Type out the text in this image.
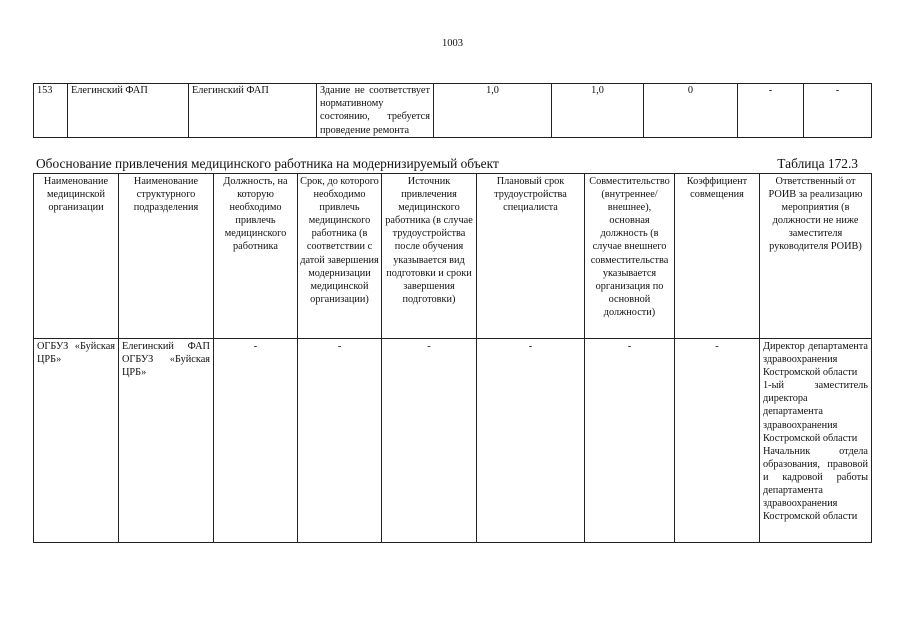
1003
153	Елегинский ФАП	Елегинский ФАП	Здание не соответствует нормативному состоянию, требуется проведение ремонта	1,0	1,0	0	-	-
Обоснование привлечения медицинского работника на модернизируемый объект	Таблица 172.3
Наименование медицинской организации	Наименование структурного подразделения	Должность, на которую необходимо привлечь медицинского работника	Срок, до которого необходимо привлечь медицинского работника (в соответствии с датой завершения модернизации медицинской организации)	Источник привлечения медицинского работника (в случае трудоустройства после обучения указывается вид подготовки и сроки завершения подготовки)	Плановый срок трудоустройства специалиста	Совместительство (внутреннее/внешнее), основная должность (в случае внешнего совместительства указывается организация по основной должности)	Коэффициент совмещения	Ответственный от РОИВ за реализацию мероприятия (в должности не ниже заместителя руководителя РОИВ)
ОГБУЗ «Буйская ЦРБ»	Елегинский ФАП ОГБУЗ «Буйская ЦРБ»	-	-	-	-	-	-	Директор департамента здравоохранения Костромской области
1-ый заместитель директора департамента здравоохранения Костромской области
Начальник отдела образования, правовой и кадровой работы департамента здравоохранения Костромской области
